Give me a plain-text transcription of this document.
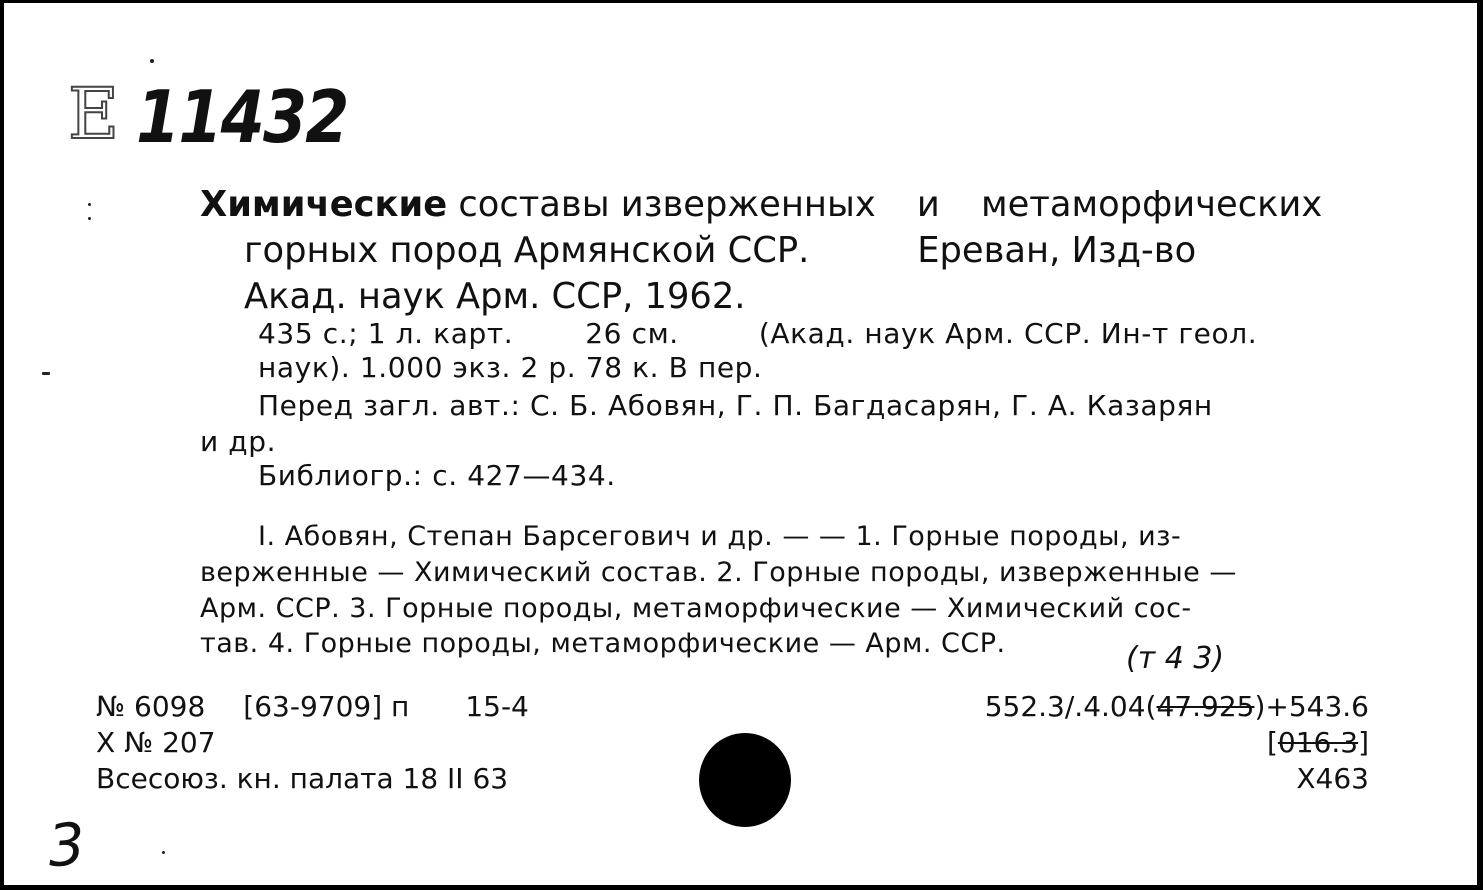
E 11432
Химические составы изверженных и метаморфических
горных пород Армянской ССР.	Ереван, Изд-во
Акад. наук Арм. ССР, 1962.
435 с.; 1 л. карт.	26 см.	(Акад. наук Арм. ССР. Ин-т геол.
наук). 1.000 экз. 2 р. 78 к. В пер.
Перед загл. авт.: С. Б. Абовян, Г. П. Багдасарян, Г. А. Казарян
и др.
Библиогр.: с. 427—434.
I. Абовян, Степан Барсегович и др. — — 1. Горные породы, из-
верженные — Химический состав. 2. Горные породы, изверженные —
Арм. ССР. 3. Горные породы, метаморфические — Химический сос-
тав. 4. Горные породы, метаморфические — Арм. ССР.	(т 4 3)
№ 6098 [63-9709] п 15-4
Х № 207
Всесоюз. кн. палата 18 II 63
552.3/.4.04(47.925)+543.6
[016.3]
Х463
3
